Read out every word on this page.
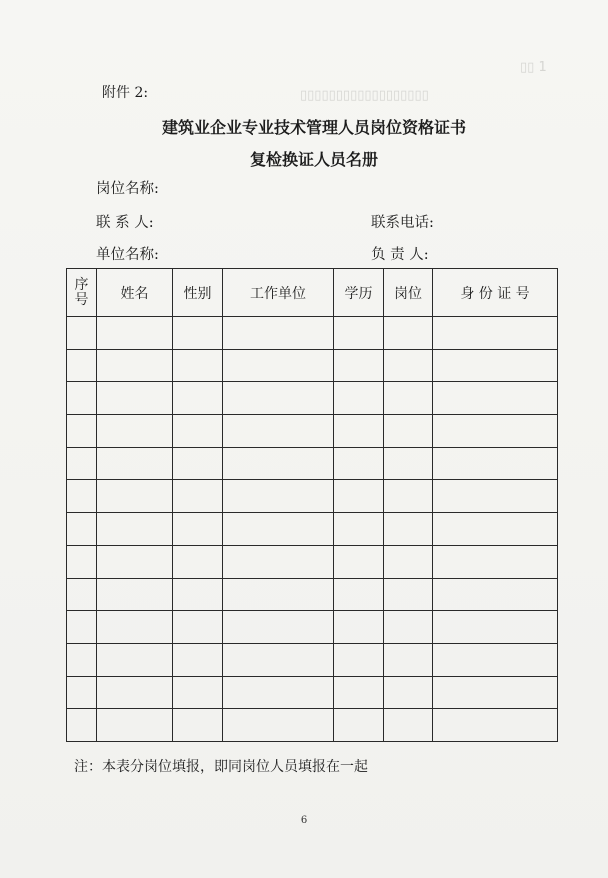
▯▯ 1
▯▯▯▯▯▯▯▯▯▯▯▯▯▯▯▯▯▯
附件 2:
建筑业企业专业技术管理人员岗位资格证书
复检换证人员名册
岗位名称:
联 系 人:	联系电话:
单位名称:	负 责 人:
序
号	姓名	性别	工作单位	学历	岗位	身 份 证 号

注：本表分岗位填报，即同岗位人员填报在一起
6
